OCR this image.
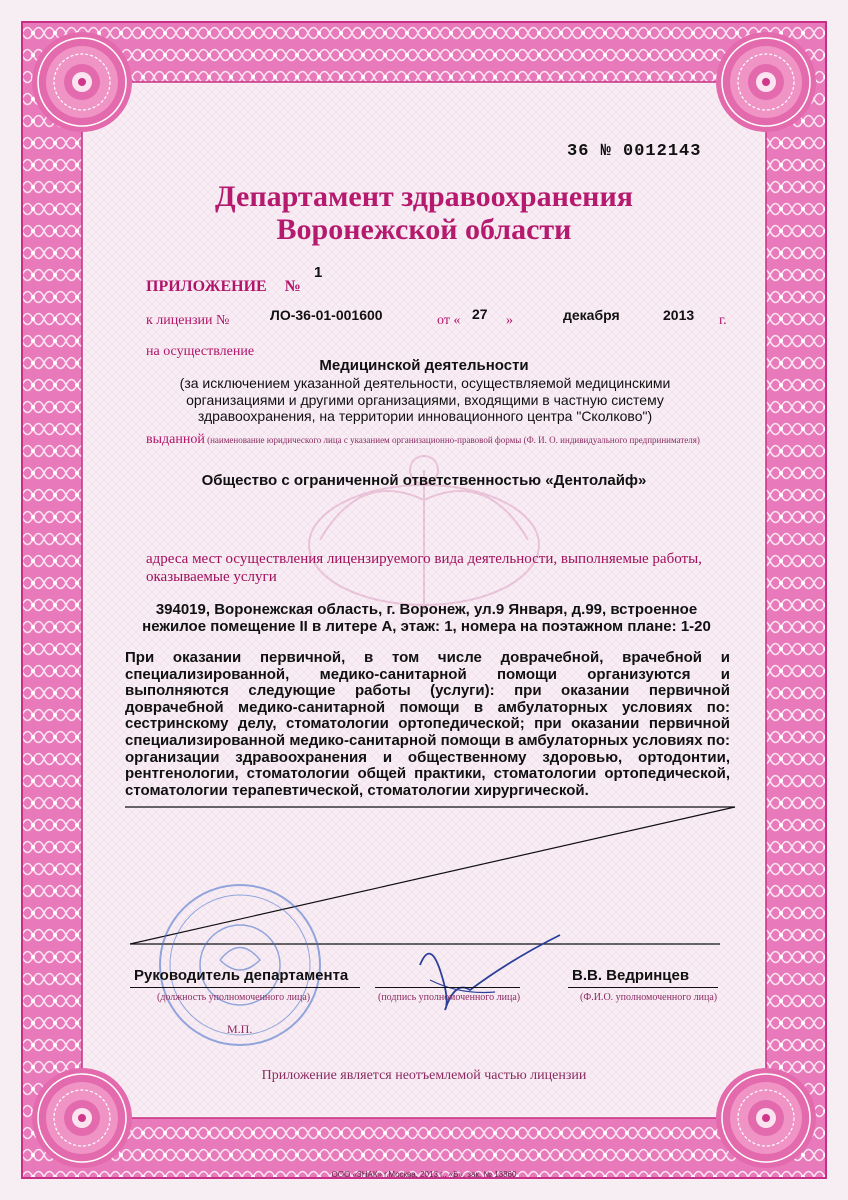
36 № 0012143
Департамент здравоохранения
Воронежской области
ПРИЛОЖЕНИЕ №
1
к лицензии №	ЛО-36-01-001600	от « 27 »	декабря	2013 г.
на осуществление
Медицинской деятельности
(за исключением указанной деятельности, осуществляемой медицинскими организациями и другими организациями, входящими в частную систему здравоохранения, на территории инновационного центра "Сколково")
выданной (наименование юридического лица с указанием организационно-правовой формы (Ф. И. О. индивидуального предпринимателя)
Общество с ограниченной ответственностью «Дентолайф»
адреса мест осуществления лицензируемого вида деятельности, выполняемые работы, оказываемые услуги
394019, Воронежская область, г. Воронеж, ул.9 Января, д.99, встроенное нежилое помещение II в литере А, этаж: 1, номера на поэтажном плане: 1-20
При оказании первичной, в том числе доврачебной, врачебной и специализированной, медико-санитарной помощи организуются и выполняются следующие работы (услуги): при оказании первичной доврачебной медико-санитарной помощи в амбулаторных условиях по: сестринскому делу, стоматологии ортопедической; при оказании первичной специализированной медико-санитарной помощи в амбулаторных условиях по: организации здравоохранения и общественному здоровью, ортодонтии, рентгенологии, стоматологии общей практики, стоматологии ортопедической, стоматологии терапевтической, стоматологии хирургической.
Руководитель департамента	В.В. Ведринцев
(должность уполномоченного лица)	(подпись уполномоченного лица)	(Ф.И.О. уполномоченного лица)
М.П.
Приложение является неотъемлемой частью лицензии
ООО «ЗНАК» г.Москва, 2013 г., «Б», зак. № 13860
